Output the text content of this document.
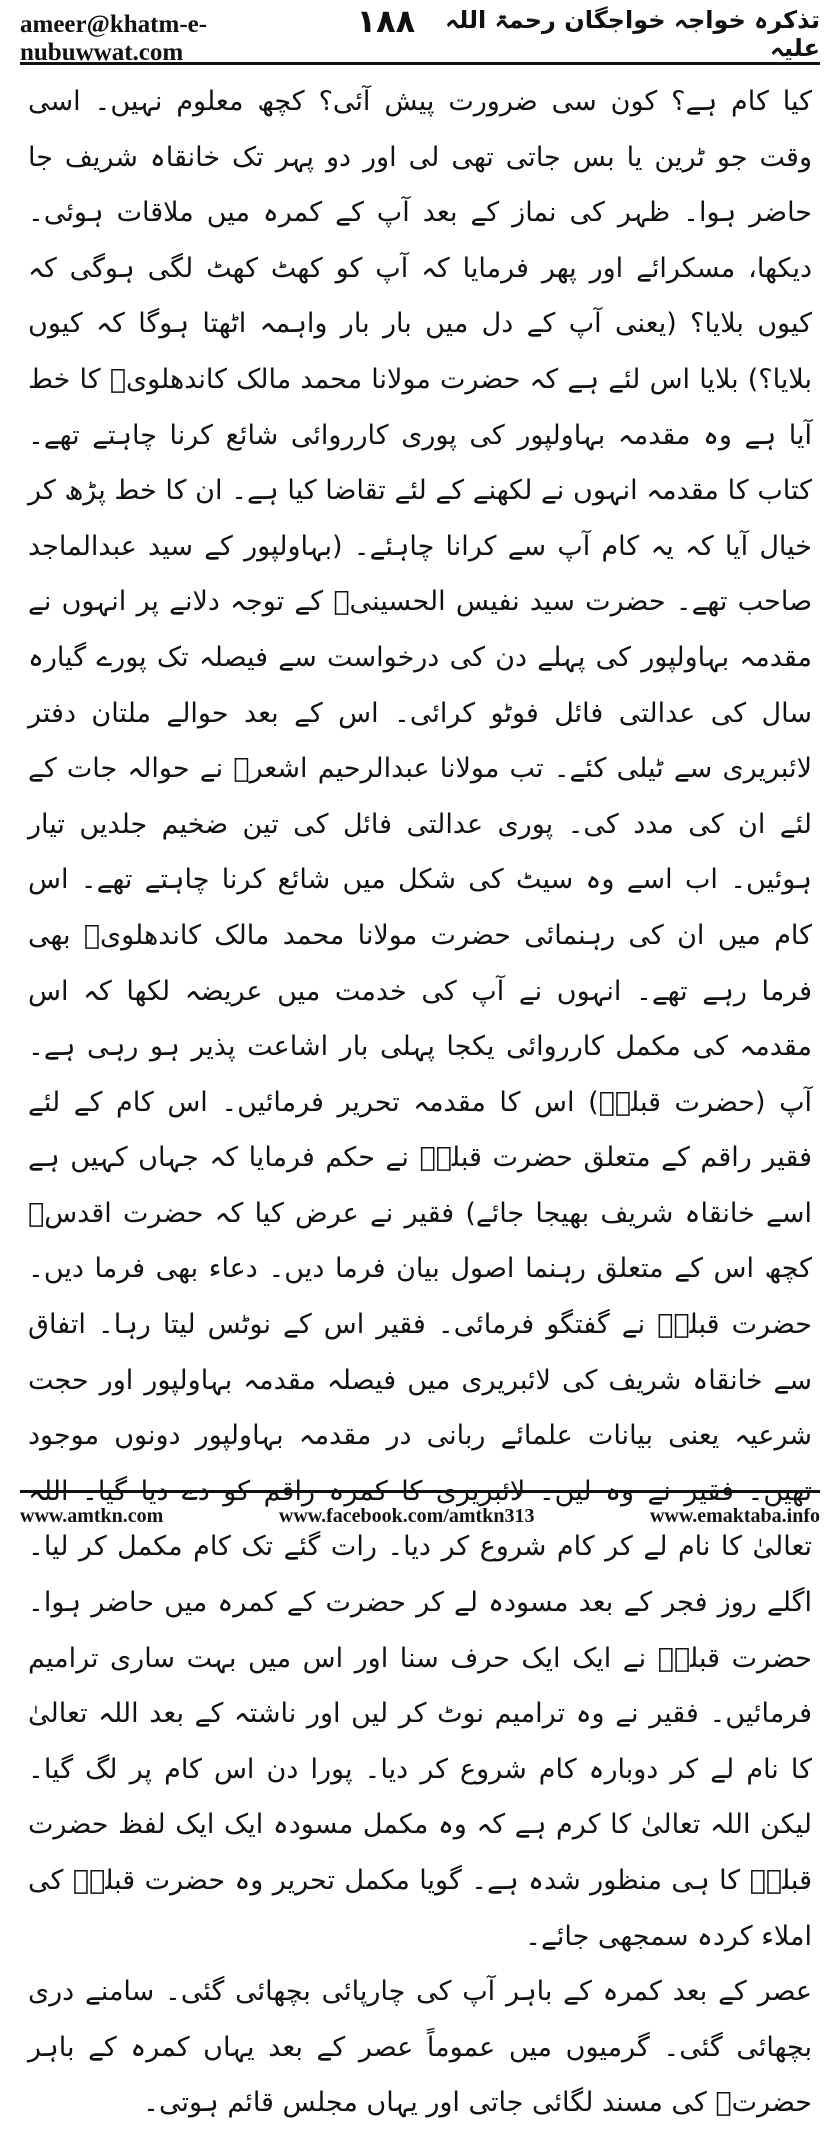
ameer@khatm-e-nubuwwat.com
۱۸۸	تذکرہ خواجہ خواجگان رحمۃ اللہ علیہ

کیا کام ہے؟ کون سی ضرورت پیش آئی؟ کچھ معلوم نہیں۔ اسی وقت جو ٹرین یا بس جاتی تھی لی اور دو پہر تک خانقاہ شریف جا حاضر ہوا۔ ظہر کی نماز کے بعد آپ کے کمرہ میں ملاقات ہوئی۔ دیکھا، مسکرائے اور پھر فرمایا کہ آپ کو کھٹ کھٹ لگی ہوگی کہ کیوں بلایا؟ (یعنی آپ کے دل میں بار بار واہمہ اٹھتا ہوگا کہ کیوں بلایا؟) بلایا اس لئے ہے کہ حضرت مولانا محمد مالک کاندھلویؒ کا خط آیا ہے وہ مقدمہ بہاولپور کی پوری کارروائی شائع کرنا چاہتے تھے۔ کتاب کا مقدمہ انہوں نے لکھنے کے لئے تقاضا کیا ہے۔ ان کا خط پڑھ کر خیال آیا کہ یہ کام آپ سے کرانا چاہئے۔ (بہاولپور کے سید عبدالماجد صاحب تھے۔ حضرت سید نفیس الحسینیؒ کے توجہ دلانے پر انہوں نے مقدمہ بہاولپور کی پہلے دن کی درخواست سے فیصلہ تک پورے گیارہ سال کی عدالتی فائل فوٹو کرائی۔ اس کے بعد حوالے ملتان دفتر لائبریری سے ٹیلی کئے۔ تب مولانا عبدالرحیم اشعرؒ نے حوالہ جات کے لئے ان کی مدد کی۔ پوری عدالتی فائل کی تین ضخیم جلدیں تیار ہوئیں۔ اب اسے وہ سیٹ کی شکل میں شائع کرنا چاہتے تھے۔ اس کام میں ان کی رہنمائی حضرت مولانا محمد مالک کاندھلویؒ بھی فرما رہے تھے۔ انہوں نے آپ کی خدمت میں عریضہ لکھا کہ اس مقدمہ کی مکمل کارروائی یکجا پہلی بار اشاعت پذیر ہو رہی ہے۔ آپ (حضرت قبلہؒ) اس کا مقدمہ تحریر فرمائیں۔ اس کام کے لئے فقیر راقم کے متعلق حضرت قبلہؒ نے حکم فرمایا کہ جہاں کہیں ہے اسے خانقاہ شریف بھیجا جائے) فقیر نے عرض کیا کہ حضرت اقدسؒ کچھ اس کے متعلق رہنما اصول بیان فرما دیں۔ دعاء بھی فرما دیں۔ حضرت قبلہؒ نے گفتگو فرمائی۔ فقیر اس کے نوٹس لیتا رہا۔ اتفاق سے خانقاہ شریف کی لائبریری میں فیصلہ مقدمہ بہاولپور اور حجت شرعیہ یعنی بیانات علمائے ربانی در مقدمہ بہاولپور دونوں موجود تھیں۔ فقیر نے وہ لیں۔ لائبریری کا کمرہ راقم کو دے دیا گیا۔ اللہ تعالیٰ کا نام لے کر کام شروع کر دیا۔ رات گئے تک کام مکمل کر لیا۔ اگلے روز فجر کے بعد مسودہ لے کر حضرت کے کمرہ میں حاضر ہوا۔ حضرت قبلہؒ نے ایک ایک حرف سنا اور اس میں بہت ساری ترامیم فرمائیں۔ فقیر نے وہ ترامیم نوٹ کر لیں اور ناشتہ کے بعد اللہ تعالیٰ کا نام لے کر دوبارہ کام شروع کر دیا۔ پورا دن اس کام پر لگ گیا۔ لیکن اللہ تعالیٰ کا کرم ہے کہ وہ مکمل مسودہ ایک ایک لفظ حضرت قبلہؒ کا ہی منظور شدہ ہے۔ گویا مکمل تحریر وہ حضرت قبلہؒ کی املاء کردہ سمجھی جائے۔

عصر کے بعد کمرہ کے باہر آپ کی چارپائی بچھائی گئی۔ سامنے دری بچھائی گئی۔ گرمیوں میں عموماً عصر کے بعد یہاں کمرہ کے باہر حضرتؒ کی مسند لگائی جاتی اور یہاں مجلس قائم ہوتی۔

www.amtkn.com	www.facebook.com/amtkn313	www.emaktaba.info
